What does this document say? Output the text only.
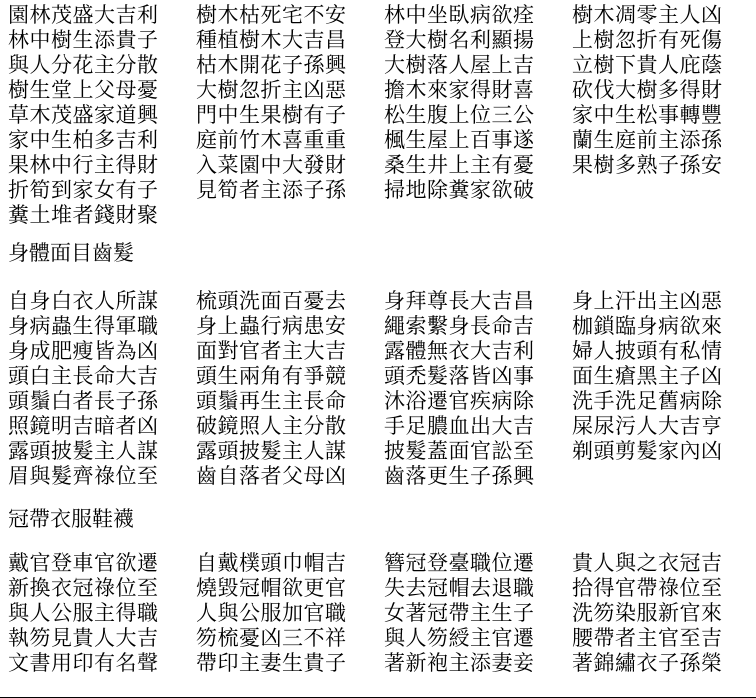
園林茂盛大吉利 樹木枯死宅不安 林中坐臥病欲痊 樹木凋零主人凶
林中樹生添貴子 種植樹木大吉昌 登大樹名利顯揚 上樹忽折有死傷
與人分花主分散 枯木開花子孫興 大樹落人屋上吉 立樹下貴人庇蔭
樹生堂上父母憂 大樹忽折主凶惡 擔木來家得財喜 砍伐大樹多得財
草木茂盛家道興 門中生果樹有子 松生腹上位三公 家中生松事轉豐
家中生柏多吉利 庭前竹木喜重重 楓生屋上百事遂 蘭生庭前主添孫
果林中行主得財 入菜園中大發財 桑生井上主有憂 果樹多熟子孫安
折筍到家女有子 見筍者主添子孫 掃地除糞家欲破
糞土堆者錢財聚
身體面目齒髮
自身白衣人所謀 梳頭洗面百憂去 身拜尊長大吉昌 身上汗出主凶惡
身病蟲生得軍職 身上蟲行病患安 繩索繫身長命吉 枷鎖臨身病欲來
身成肥瘦皆為凶 面對官者主大吉 露體無衣大吉利 婦人披頭有私情
頭白主長命大吉 頭生兩角有爭競 頭禿髮落皆凶事 面生瘡黑主子凶
頭鬚白者長子孫 頭鬚再生主長命 沐浴遷官疾病除 洗手洗足舊病除
照鏡明吉暗者凶 破鏡照人主分散 手足膿血出大吉 屎尿污人大吉亨
露頭披髮主人謀 露頭披髮主人謀 披髮蓋面官訟至 剃頭剪髮家內凶
眉與髮齊祿位至 齒自落者父母凶 齒落更生子孫興
冠帶衣服鞋襪
戴官登車官欲遷 自戴樸頭巾帽吉 簪冠登臺職位遷 貴人與之衣冠吉
新換衣冠祿位至 燒毀冠帽欲更官 失去冠帽去退職 拾得官帶祿位至
與人公服主得職 人與公服加官職 女著冠帶主生子 洗笏染服新官來
執笏見貴人大吉 笏梳憂凶三不祥 與人笏綬主官遷 腰帶者主官至吉
文書用印有名聲 帶印主妻生貴子 著新袍主添妻妾 著錦繡衣子孫榮
